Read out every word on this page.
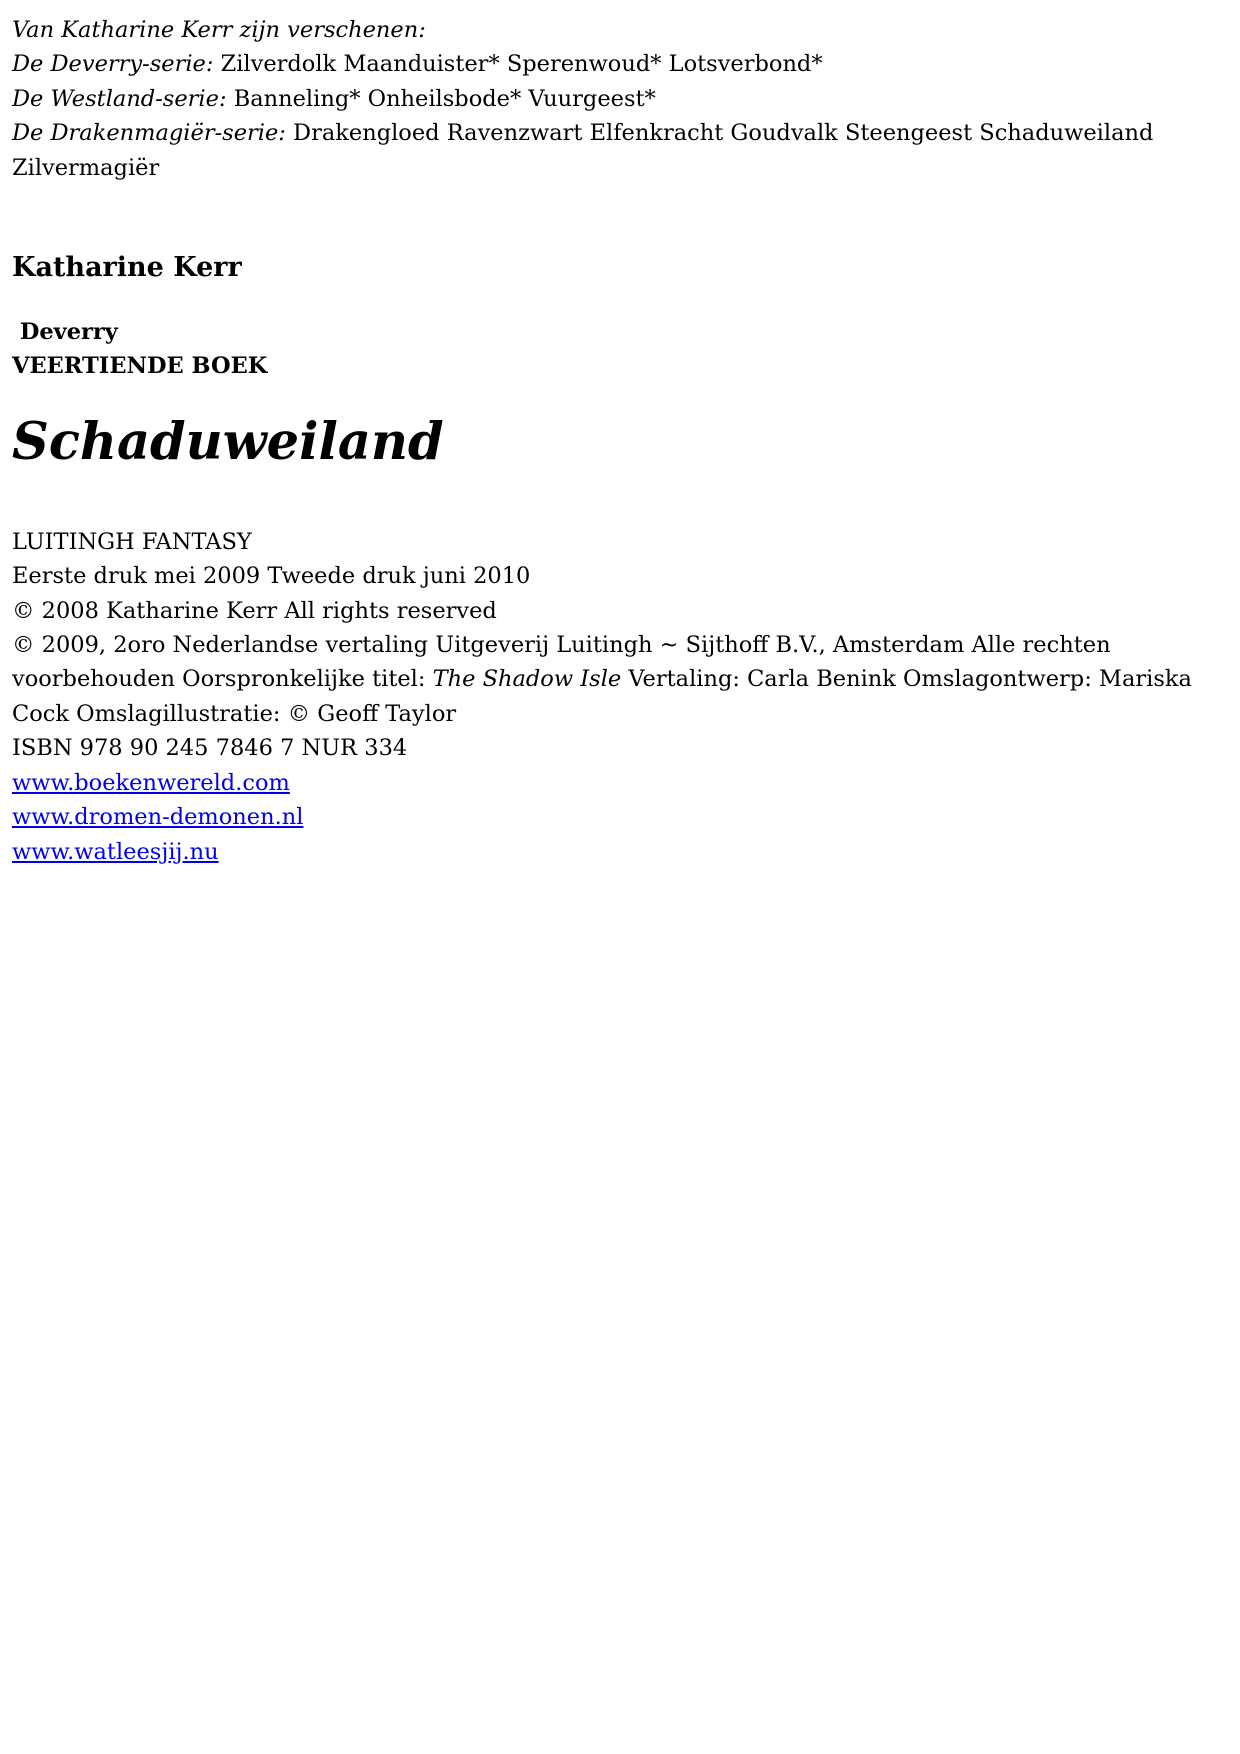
Van Katharine Kerr zijn verschenen:

De Deverry-serie: Zilverdolk Maanduister* Sperenwoud* Lotsverbond*

De Westland-serie: Banneling* Onheilsbode* Vuurgeest*

De Drakenmagiër-serie: Drakengloed Ravenzwart Elfenkracht Goudvalk Steengeest Schaduweiland Zilvermagiër

Katharine Kerr

Deverry
VEERTIENDE BOEK

Schaduweiland

LUITINGH FANTASY

Eerste druk mei 2009 Tweede druk juni 2010

© 2008 Katharine Kerr All rights reserved

© 2009, 2oro Nederlandse vertaling Uitgeverij Luitingh ~ Sijthoff B.V., Amsterdam Alle rechten voorbehouden Oorspronkelijke titel: The Shadow Isle Vertaling: Carla Benink Omslagontwerp: Mariska Cock Omslagillustratie: © Geoff Taylor

ISBN 978 90 245 7846 7 NUR 334

www.boekenwereld.com

www.dromen-demonen.nl

www.watleesjij.nu
